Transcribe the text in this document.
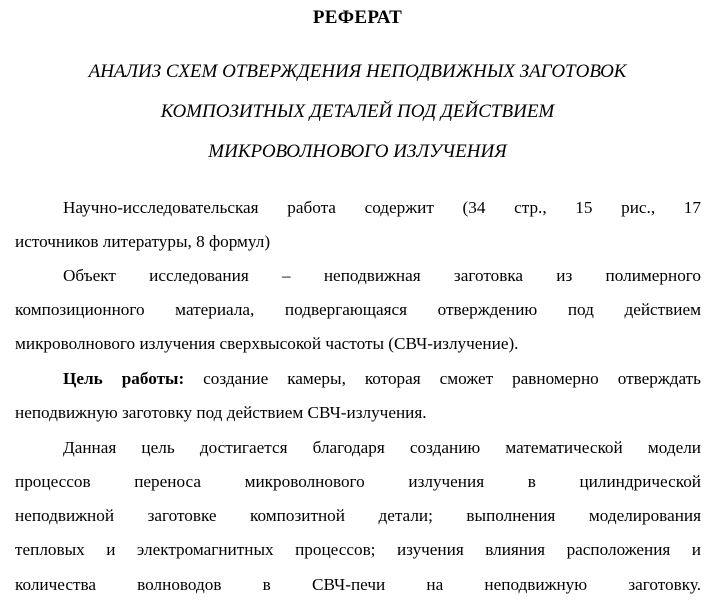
РЕФЕРАТ
АНАЛИЗ СХЕМ ОТВЕРЖДЕНИЯ НЕПОДВИЖНЫХ ЗАГОТОВОК
КОМПОЗИТНЫХ ДЕТАЛЕЙ ПОД ДЕЙСТВИЕМ
МИКРОВОЛНОВОГО ИЗЛУЧЕНИЯ
Научно-исследовательская работа содержит (34 стр., 15 рис., 17
источников литературы, 8 формул)
Объект исследования – неподвижная заготовка из полимерного
композиционного материала, подвергающаяся отверждению под действием
микроволнового излучения сверхвысокой частоты (СВЧ-излучение).
Цель работы: создание камеры, которая сможет равномерно отверждать
неподвижную заготовку под действием СВЧ-излучения.
Данная цель достигается благодаря созданию математической модели
процессов переноса микроволнового излучения в цилиндрической
неподвижной заготовке композитной детали; выполнения моделирования
тепловых и электромагнитных процессов; изучения влияния расположения и
количества волноводов в СВЧ-печи на неподвижную заготовку.
